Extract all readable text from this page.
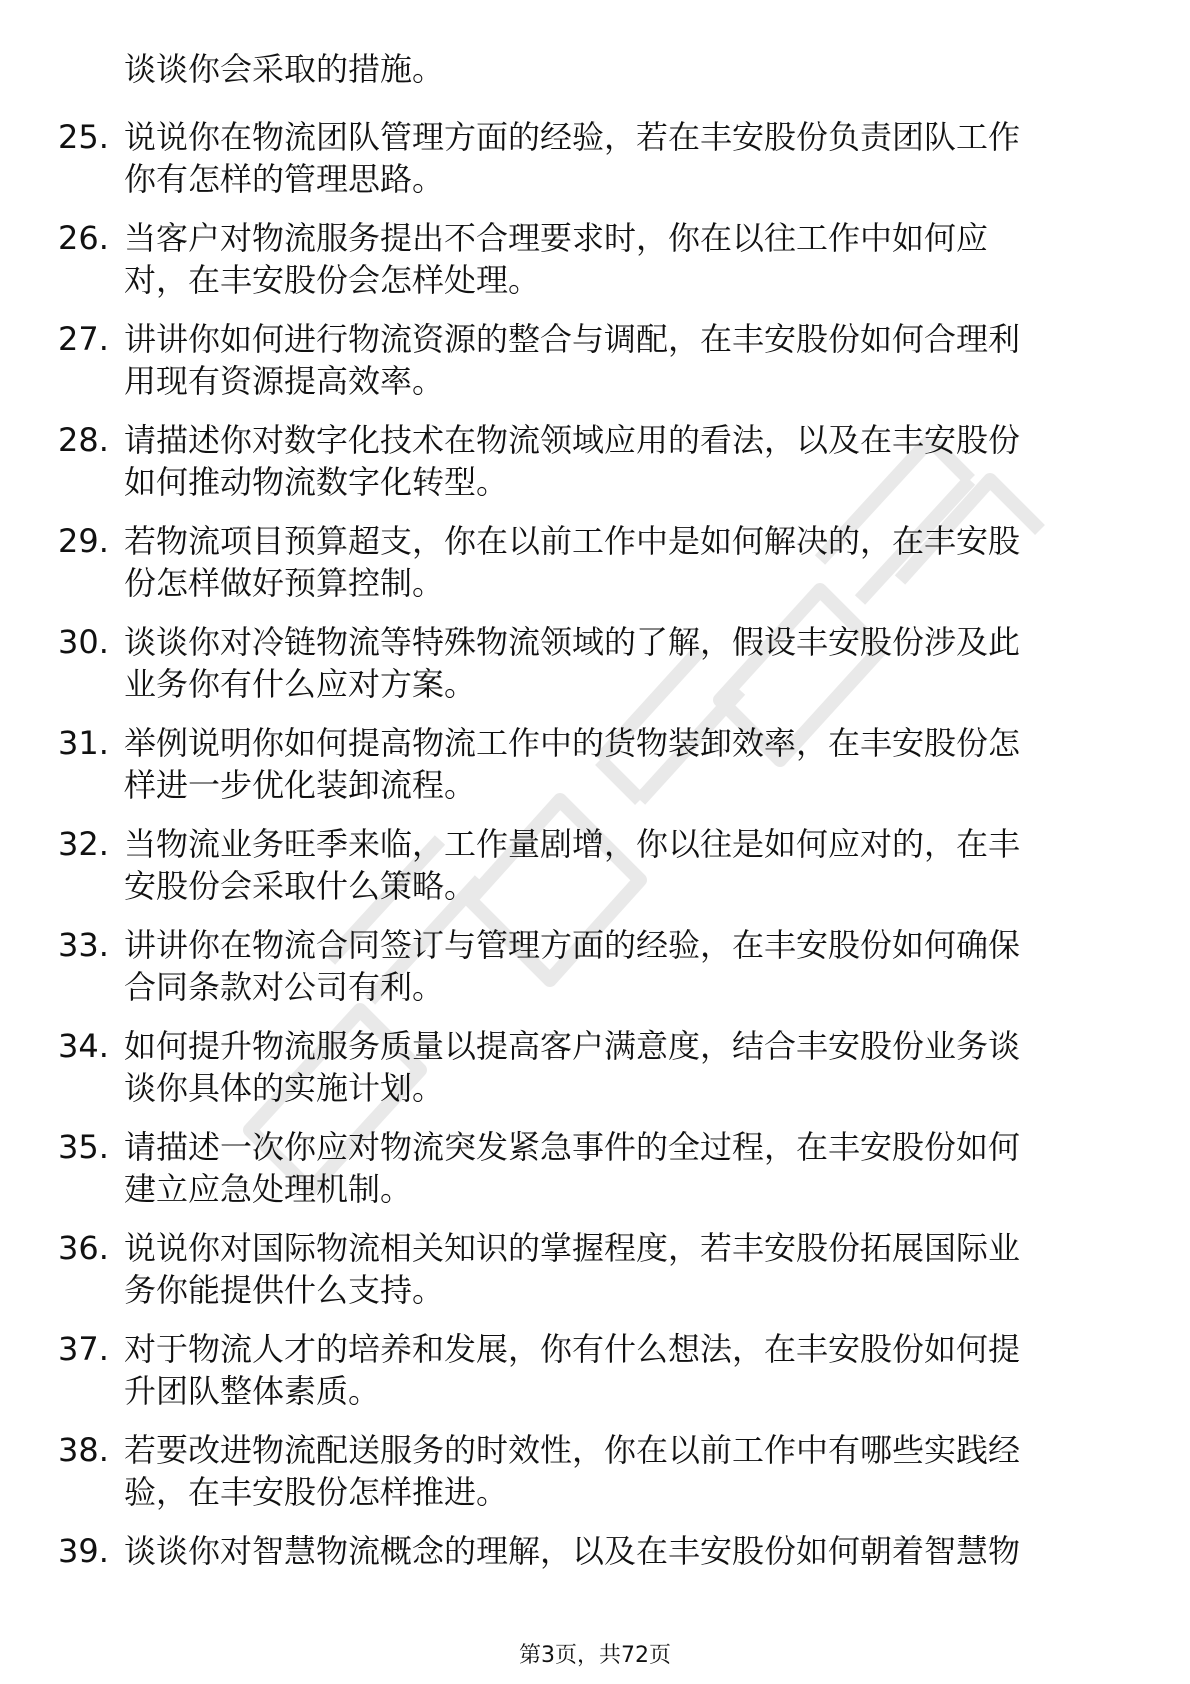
谈谈你会采取的措施。
25. 说说你在物流团队管理方面的经验，若在丰安股份负责团队工作
你有怎样的管理思路。
26. 当客户对物流服务提出不合理要求时，你在以往工作中如何应
对，在丰安股份会怎样处理。
27. 讲讲你如何进行物流资源的整合与调配，在丰安股份如何合理利
用现有资源提高效率。
28. 请描述你对数字化技术在物流领域应用的看法，以及在丰安股份
如何推动物流数字化转型。
29. 若物流项目预算超支，你在以前工作中是如何解决的，在丰安股
份怎样做好预算控制。
30. 谈谈你对冷链物流等特殊物流领域的了解，假设丰安股份涉及此
业务你有什么应对方案。
31. 举例说明你如何提高物流工作中的货物装卸效率，在丰安股份怎
样进一步优化装卸流程。
32. 当物流业务旺季来临，工作量剧增，你以往是如何应对的，在丰
安股份会采取什么策略。
33. 讲讲你在物流合同签订与管理方面的经验，在丰安股份如何确保
合同条款对公司有利。
34. 如何提升物流服务质量以提高客户满意度，结合丰安股份业务谈
谈你具体的实施计划。
35. 请描述一次你应对物流突发紧急事件的全过程，在丰安股份如何
建立应急处理机制。
36. 说说你对国际物流相关知识的掌握程度，若丰安股份拓展国际业
务你能提供什么支持。
37. 对于物流人才的培养和发展，你有什么想法，在丰安股份如何提
升团队整体素质。
38. 若要改进物流配送服务的时效性，你在以前工作中有哪些实践经
验，在丰安股份怎样推进。
39. 谈谈你对智慧物流概念的理解，以及在丰安股份如何朝着智慧物
第3页，共72页
